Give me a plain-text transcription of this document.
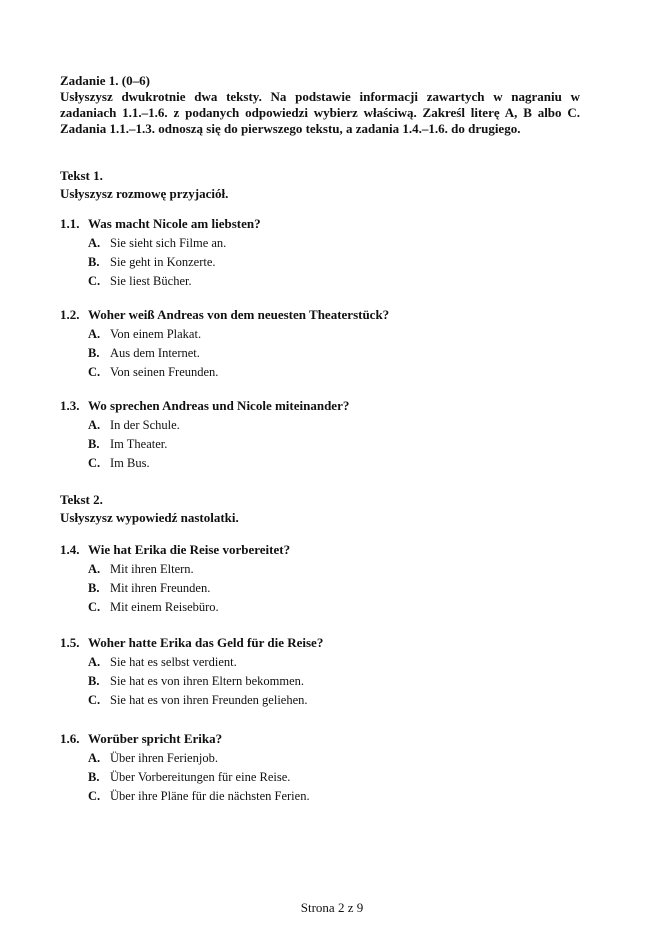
Zadanie 1. (0–6)
Usłyszysz dwukrotnie dwa teksty. Na podstawie informacji zawartych w nagraniu w zadaniach 1.1.–1.6. z podanych odpowiedzi wybierz właściwą. Zakreśl literę A, B albo C. Zadania 1.1.–1.3. odnoszą się do pierwszego tekstu, a zadania 1.4.–1.6. do drugiego.
Tekst 1.
Usłyszysz rozmowę przyjaciół.
1.1. Was macht Nicole am liebsten?
A. Sie sieht sich Filme an.
B. Sie geht in Konzerte.
C. Sie liest Bücher.
1.2. Woher weiß Andreas von dem neuesten Theaterstück?
A. Von einem Plakat.
B. Aus dem Internet.
C. Von seinen Freunden.
1.3. Wo sprechen Andreas und Nicole miteinander?
A. In der Schule.
B. Im Theater.
C. Im Bus.
Tekst 2.
Usłyszysz wypowiedź nastolatki.
1.4. Wie hat Erika die Reise vorbereitet?
A. Mit ihren Eltern.
B. Mit ihren Freunden.
C. Mit einem Reisebüro.
1.5. Woher hatte Erika das Geld für die Reise?
A. Sie hat es selbst verdient.
B. Sie hat es von ihren Eltern bekommen.
C. Sie hat es von ihren Freunden geliehen.
1.6. Worüber spricht Erika?
A. Über ihren Ferienjob.
B. Über Vorbereitungen für eine Reise.
C. Über ihre Pläne für die nächsten Ferien.
Strona 2 z 9
